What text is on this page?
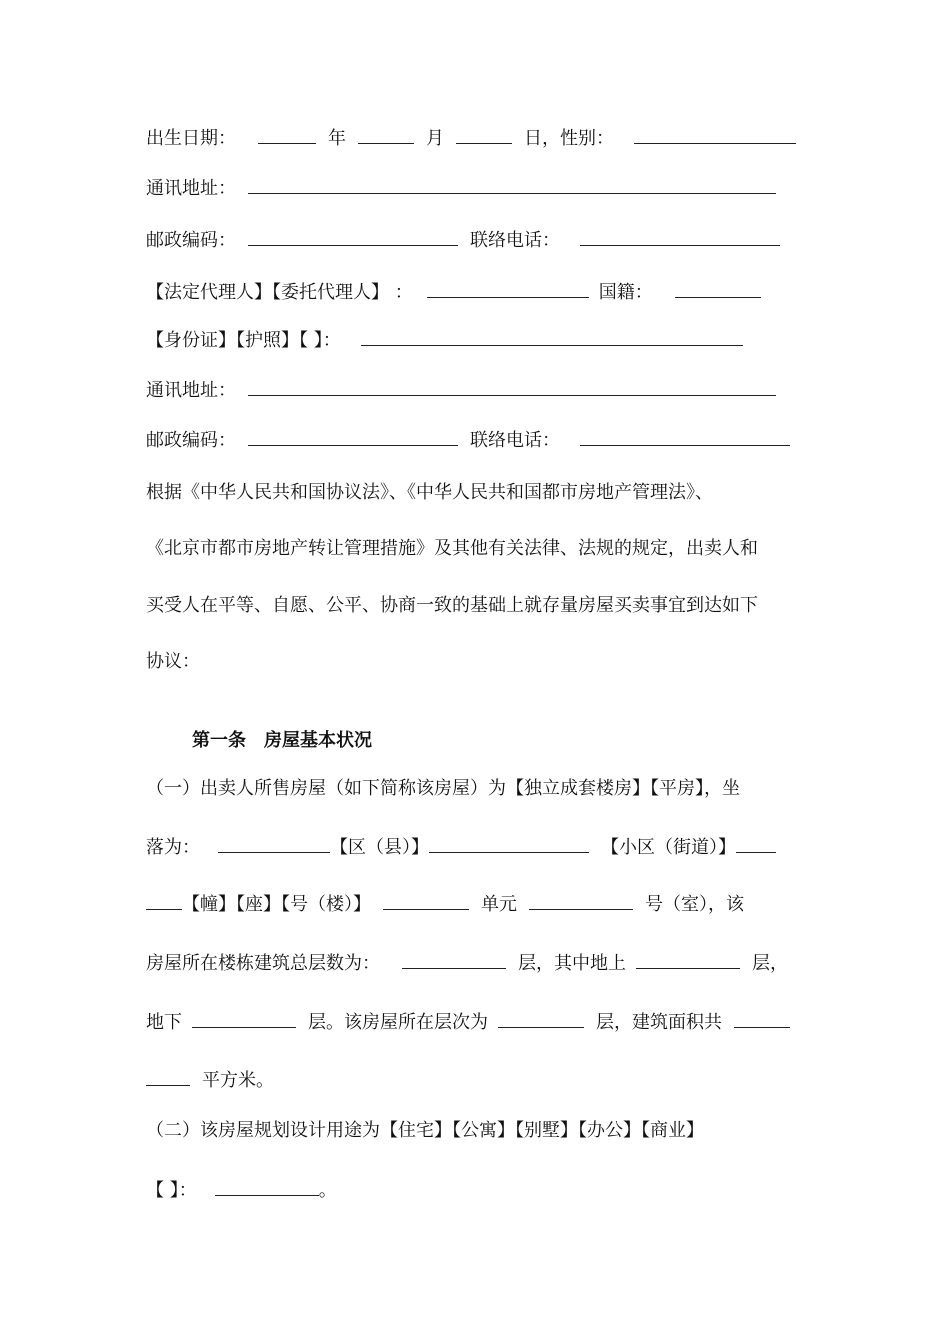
出生日期：	年	月	日，性别：
通讯地址：
邮政编码：	联络电话：
【法定代理人】【委托代理人】 ：	国籍：
【身份证】【护照】【 】：
通讯地址：
邮政编码：	联络电话：
根据《中华人民共和国协议法》、《中华人民共和国都市房地产管理法》、
《北京市都市房地产转让管理措施》及其他有关法律、法规的规定，出卖人和
买受人在平等、自愿、公平、协商一致的基础上就存量房屋买卖事宜到达如下
协议：
第一条　房屋基本状况
（一）出卖人所售房屋（如下简称该房屋）为【独立成套楼房】【平房】，坐
落为：	【区（县）】	【小区（街道）】
【幢】【座】【号（楼）】	单元	号（室），该
房屋所在楼栋建筑总层数为：	层，其中地上	层，
地下	层。该房屋所在层次为	层，建筑面积共
平方米。
（二）该房屋规划设计用途为【住宅】【公寓】【别墅】【办公】【商业】
【 】：	。
